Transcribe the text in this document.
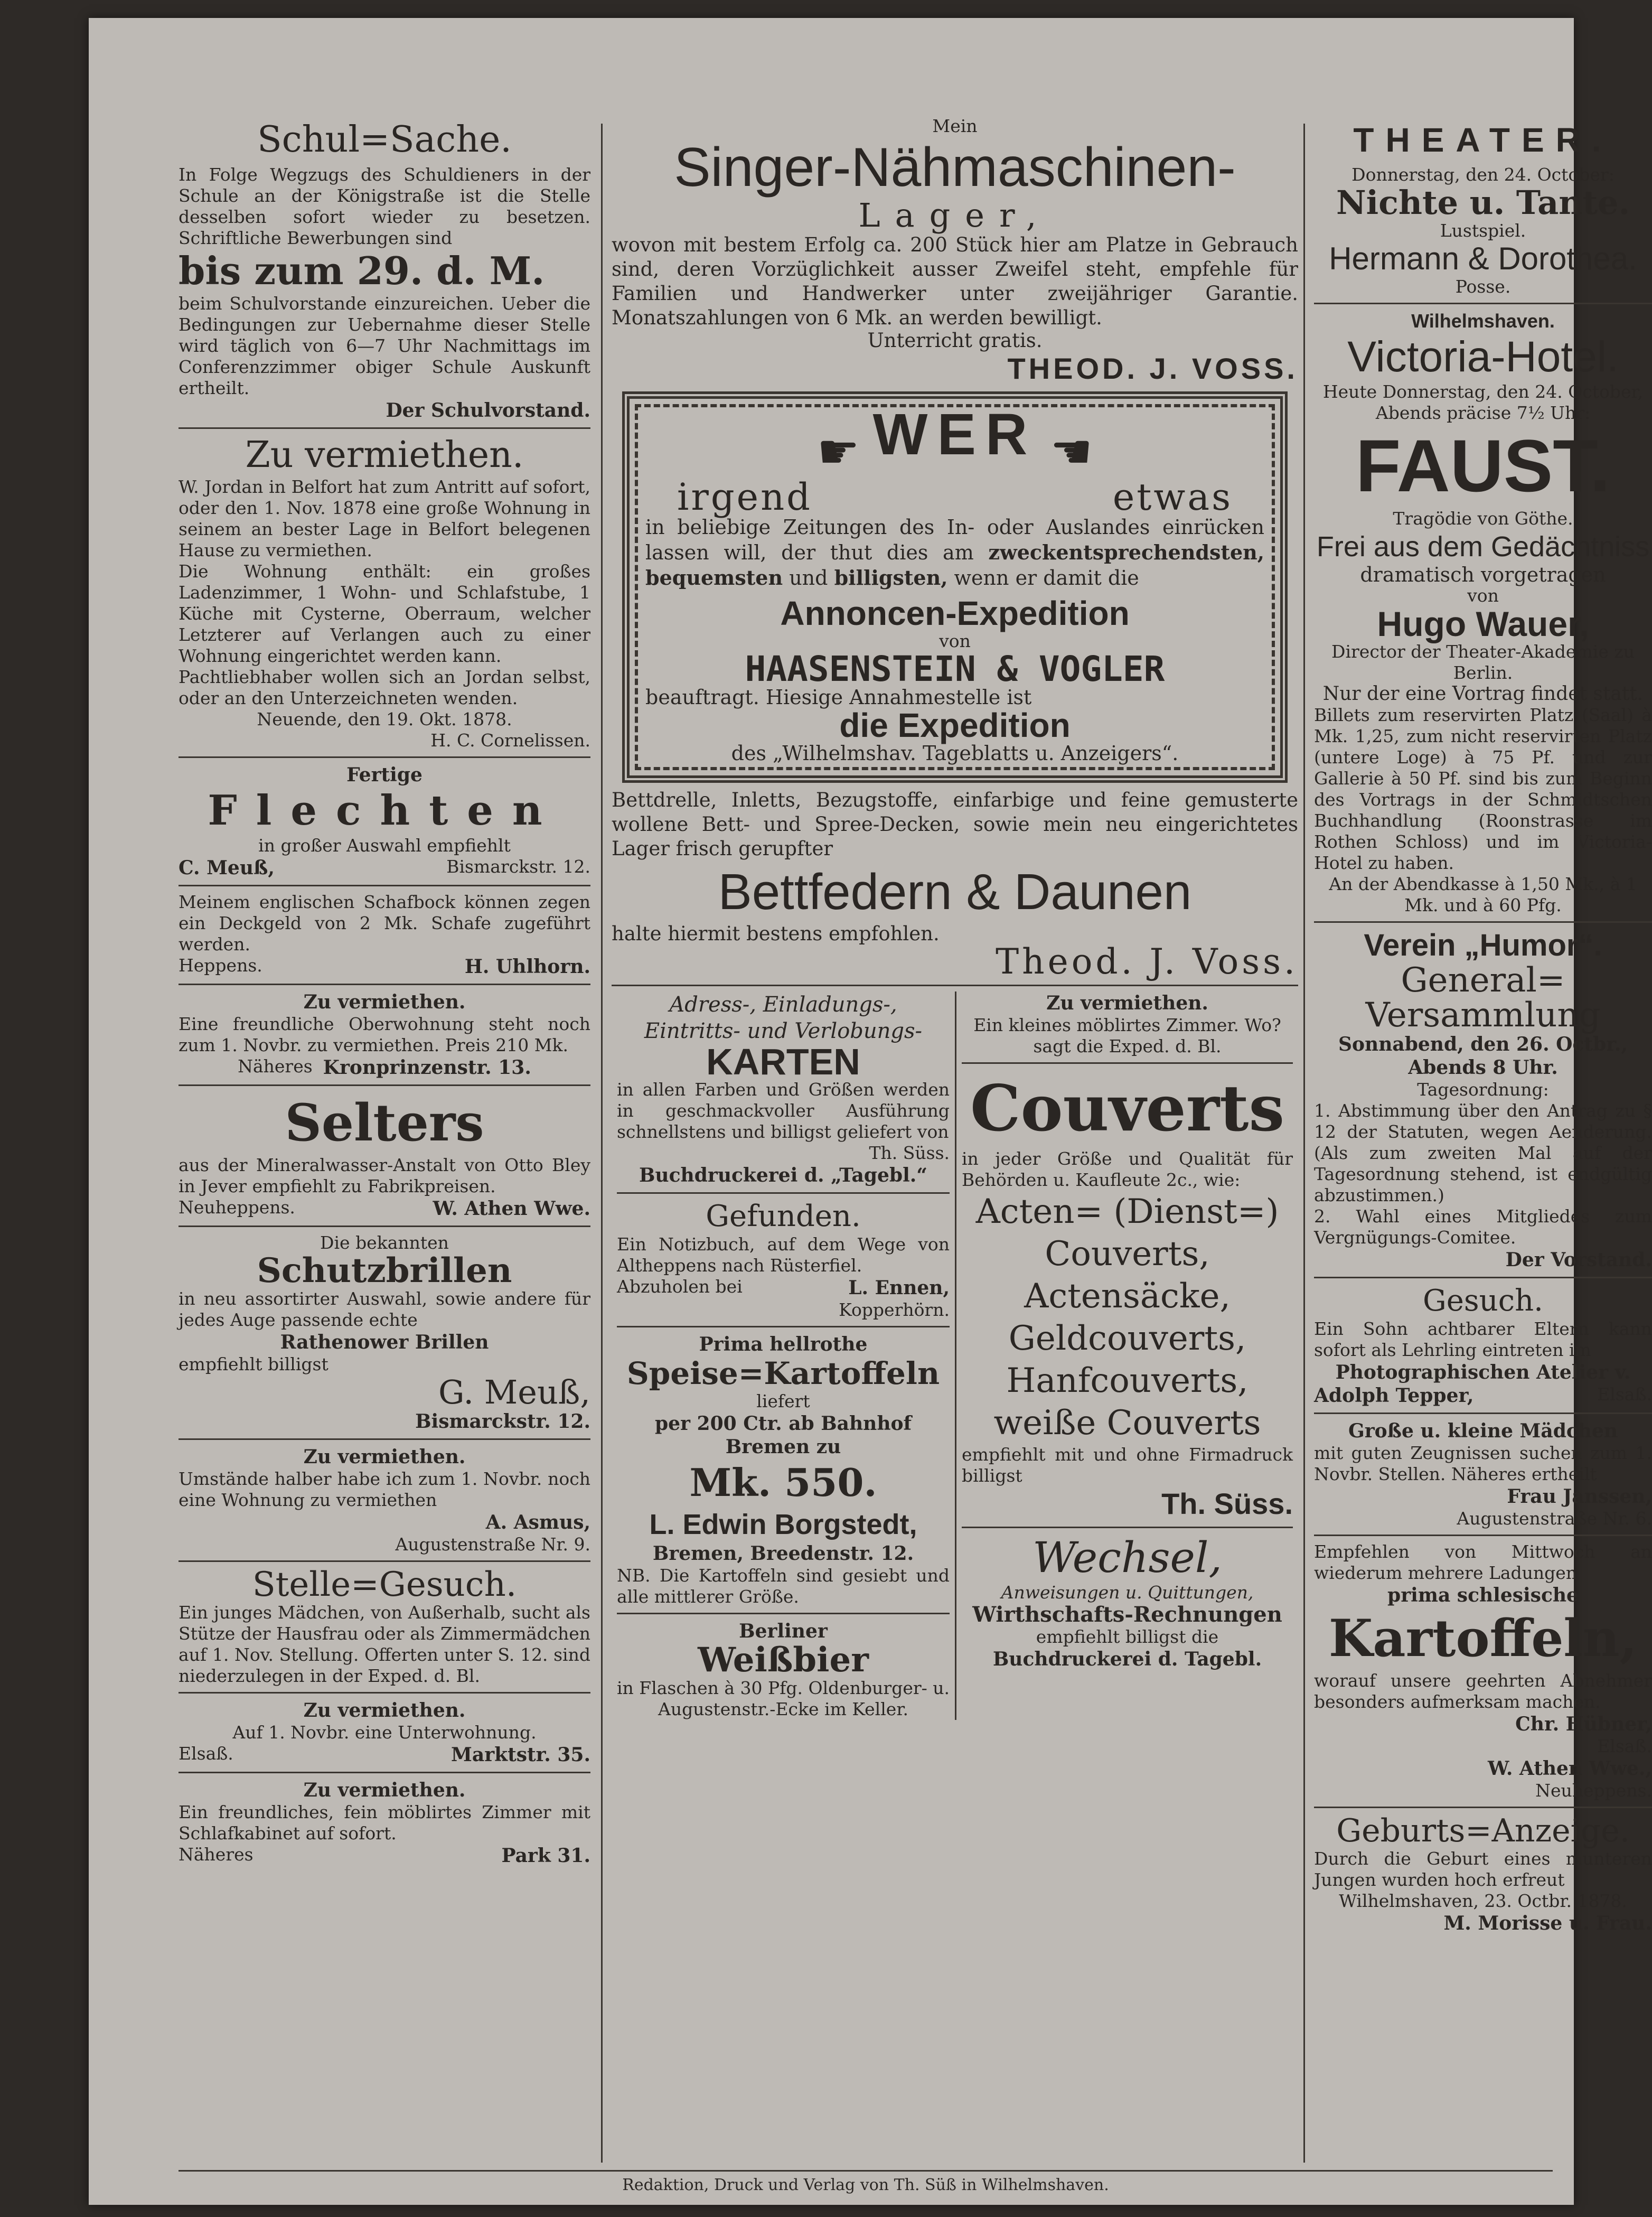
Schul=Sache.

In Folge Wegzugs des Schuldieners in der Schule an der Königstraße ist die Stelle desselben sofort wieder zu besetzen. Schriftliche Bewerbungen sind

bis zum 29. d. M.

beim Schulvorstande einzureichen. Ueber die Bedingungen zur Uebernahme dieser Stelle wird täglich von 6—7 Uhr Nachmittags im Conferenzzimmer obiger Schule Auskunft ertheilt.

Der Schulvorstand.

Zu vermiethen.

W. Jordan in Belfort hat zum Antritt auf sofort, oder den 1. Nov. 1878 eine große Wohnung in seinem an bester Lage in Belfort belegenen Hause zu vermiethen.

Die Wohnung enthält: ein großes Ladenzimmer, 1 Wohn- und Schlafstube, 1 Küche mit Cysterne, Oberraum, welcher Letzterer auf Verlangen auch zu einer Wohnung eingerichtet werden kann.

Pachtliebhaber wollen sich an Jordan selbst, oder an den Unterzeichneten wenden.

Neuende, den 19. Okt. 1878.

H. C. Cornelissen.

Fertige

Flechten

in großer Auswahl empfiehlt

C. Meuß,	Bismarckstr. 12.

Meinem englischen Schafbock können zegen ein Deckgeld von 2 Mk. Schafe zugeführt werden.

Heppens.	H. Uhlhorn.

Zu vermiethen.

Eine freundliche Oberwohnung steht noch zum 1. Novbr. zu vermiethen. Preis 210 Mk.

Näheres Kronprinzenstr. 13.

Selters

aus der Mineralwasser-Anstalt von Otto Bley in Jever empfiehlt zu Fabrikpreisen.

Neuheppens.	W. Athen Wwe.

Die bekannten

Schutzbrillen

in neu assortirter Auswahl, sowie andere für jedes Auge passende echte

Rathenower Brillen

empfiehlt billigst

G. Meuß,

Bismarckstr. 12.

Zu vermiethen.

Umstände halber habe ich zum 1. Novbr. noch eine Wohnung zu vermiethen

A. Asmus,

Augustenstraße Nr. 9.

Stelle=Gesuch.

Ein junges Mädchen, von Außerhalb, sucht als Stütze der Hausfrau oder als Zimmermädchen auf 1. Nov. Stellung. Offerten unter S. 12. sind niederzulegen in der Exped. d. Bl.

Zu vermiethen.

Auf 1. Novbr. eine Unterwohnung.

Elsaß.	Marktstr. 35.

Zu vermiethen.

Ein freundliches, fein möblirtes Zimmer mit Schlafkabinet auf sofort.

Näheres	Park 31.

Mein

Singer-Nähmaschinen-

Lager,

wovon mit bestem Erfolg ca. 200 Stück hier am Platze in Gebrauch sind, deren Vorzüglichkeit ausser Zweifel steht, empfehle für Familien und Handwerker unter zweijähriger Garantie. Monatszahlungen von 6 Mk. an werden bewilligt.

Unterricht gratis.

THEOD. J. VOSS.

☛ WER ☚

irgend	etwas

in beliebige Zeitungen des In- oder Auslandes einrücken lassen will, der thut dies am zweckentsprechendsten, bequemsten und billigsten, wenn er damit die

Annoncen-Expedition

von

HAASENSTEIN & VOGLER

beauftragt. Hiesige Annahmestelle ist

die Expedition

des „Wilhelmshav. Tageblatts u. Anzeigers“.

Bettdrelle, Inletts, Bezugstoffe, einfarbige und feine gemusterte wollene Bett- und Spree-Decken, sowie mein neu eingerichtetes Lager frisch gerupfter

Bettfedern & Daunen

halte hiermit bestens empfohlen.

Theod. J. Voss.

Adress-, Einladungs-,

Eintritts- und Verlobungs-

KARTEN

in allen Farben und Größen werden in geschmackvoller Ausführung schnellstens und billigst geliefert von

Th. Süss.

Buchdruckerei d. „Tagebl.“

Gefunden.

Ein Notizbuch, auf dem Wege von Altheppens nach Rüsterfiel.

Abzuholen bei	L. Ennen,

Kopperhörn.

Prima hellrothe

Speise=Kartoffeln

liefert

per 200 Ctr. ab Bahnhof Bremen zu

Mk. 550.

L. Edwin Borgstedt,

Bremen, Breedenstr. 12.

NB. Die Kartoffeln sind gesiebt und alle mittlerer Größe.

Berliner

Weißbier

in Flaschen à 30 Pfg. Oldenburger- u. Augustenstr.-Ecke im Keller.

Zu vermiethen.

Ein kleines möblirtes Zimmer. Wo? sagt die Exped. d. Bl.

Couverts

in jeder Größe und Qualität für Behörden u. Kaufleute 2c., wie:

Acten= (Dienst=)

Couverts,

Actensäcke,

Geldcouverts,

Hanfcouverts,

weiße Couverts

empfiehlt mit und ohne Firmadruck billigst

Th. Süss.

Wechsel,

Anweisungen u. Quittungen,

Wirthschafts-Rechnungen

empfiehlt billigst die

Buchdruckerei d. Tagebl.

THEATER.

Donnerstag, den 24. October:

Nichte u. Tante.

Lustspiel.

Hermann & Dorothea.

Posse.

Wilhelmshaven.

Victoria-Hotel.

Heute Donnerstag, den 24. October,

Abends präcise 7½ Uhr:

FAUST.

Tragödie von Göthe.

Frei aus dem Gedächtniss

dramatisch vorgetragen

von

Hugo Wauer,

Director der Theater-Akademie zu Berlin.

Nur der eine Vortrag findet statt.

Billets zum reservirten Platz (Saal) à Mk. 1,25, zum nicht reservirten Platz (untere Loge) à 75 Pf. und zur Gallerie à 50 Pf. sind bis zum Beginn des Vortrags in der Schmidtschen Buchhandlung (Roonstrasse im Rothen Schloss) und im Victoria-Hotel zu haben.

An der Abendkasse à 1,50 Mk., à 1 Mk. und à 60 Pfg.

Verein „Humor“.

General=

Versammlung

Sonnabend, den 26. Octbr.,

Abends 8 Uhr.

Tagesordnung:

1. Abstimmung über den Antrag zu § 12 der Statuten, wegen Aenderung. (Als zum zweiten Mal auf der Tagesordnung stehend, ist endgültig abzustimmen.)

2. Wahl eines Mitgliedes zum Vergnügungs-Comitee.

Der Vorstand.

Gesuch.

Ein Sohn achtbarer Eltern kann sofort als Lehrling eintreten im

Photographischen Atelier v.

Adolph Tepper,	Elsaß.

Große u. kleine Mädchen

mit guten Zeugnissen suchen zum 1. Novbr. Stellen. Näheres ertheilt

Frau Janssen,

Augustenstraße Nr. 6.

Empfehlen von Mittwoch an wiederum mehrere Ladungen

prima schlesische

Kartoffeln,

worauf unsere geehrten Abnehmer besonders aufmerksam machen.

Chr. Hübner,

Elsaß.

W. Athen Wwe.,

Neuheppens.

Geburts=Anzeige.

Durch die Geburt eines munteren Jungen wurden hoch erfreut

Wilhelmshaven, 23. Octbr. 1878.

M. Morisse u. Frau.

Redaktion, Druck und Verlag von Th. Süß in Wilhelmshaven.
